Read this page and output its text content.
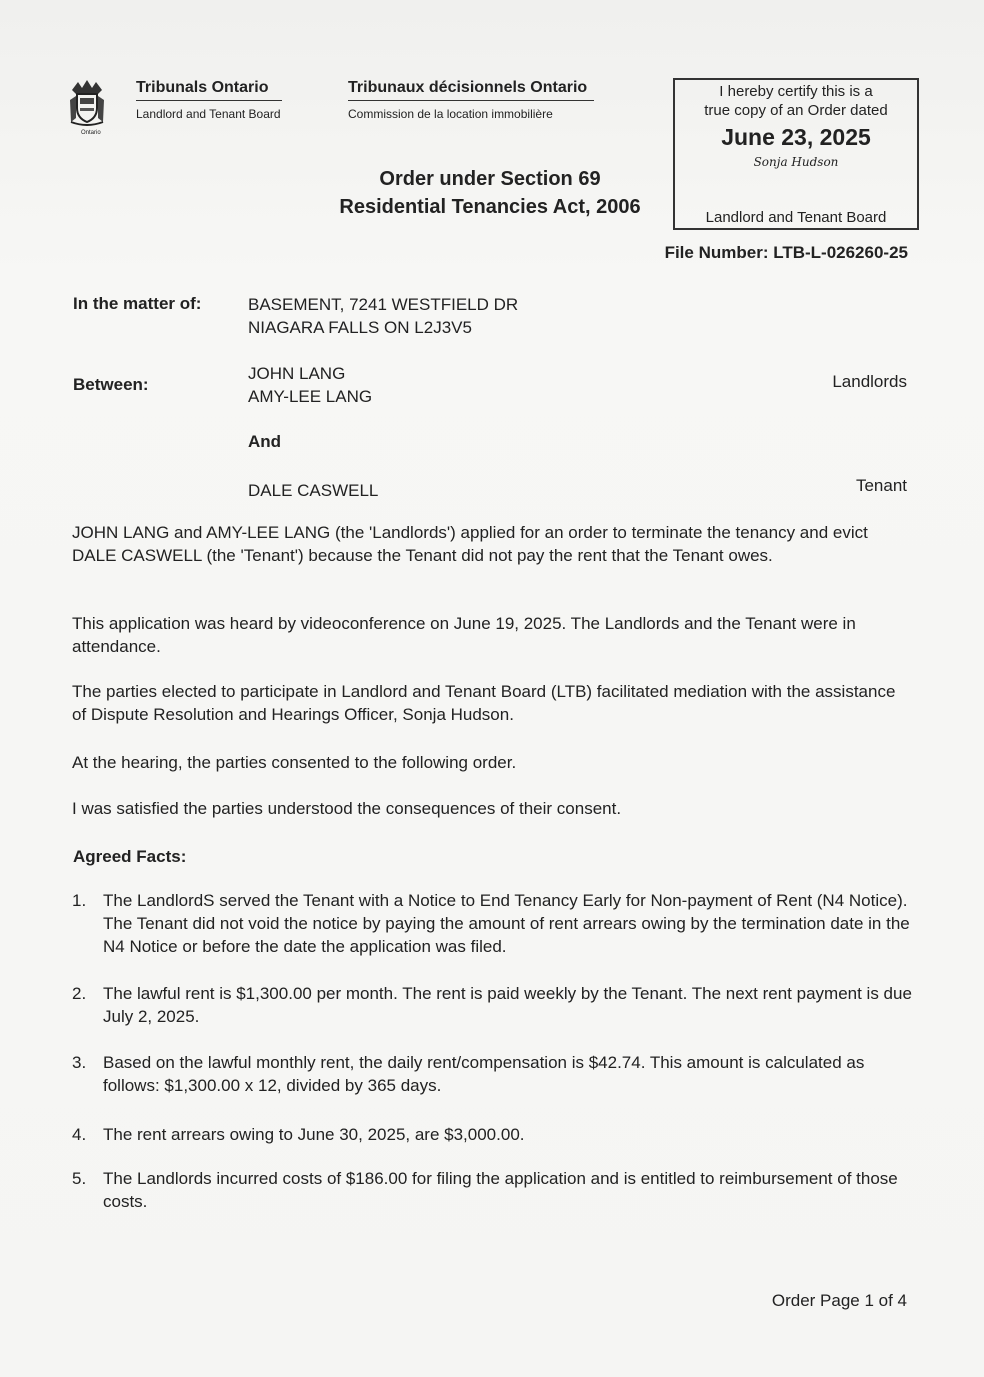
Ontario
Tribunals Ontario
Landlord and Tenant Board
Tribunaux décisionnels Ontario
Commission de la location immobilière
I hereby certify this is a
true copy of an Order dated
June 23, 2025
Sonja Hudson
Landlord and Tenant Board
Order under Section 69
Residential Tenancies Act, 2006
File Number: LTB-L-026260-25
In the matter of:	BASEMENT, 7241 WESTFIELD DR
NIAGARA FALLS ON L2J3V5
Between:
JOHN LANG
AMY-LEE LANG
Landlords
And
DALE CASWELL	Tenant
JOHN LANG and AMY-LEE LANG (the 'Landlords') applied for an order to terminate the tenancy and evict DALE CASWELL (the 'Tenant') because the Tenant did not pay the rent that the Tenant owes.
This application was heard by videoconference on June 19, 2025. The Landlords and the Tenant were in attendance.
The parties elected to participate in Landlord and Tenant Board (LTB) facilitated mediation with the assistance of Dispute Resolution and Hearings Officer, Sonja Hudson.
At the hearing, the parties consented to the following order.
I was satisfied the parties understood the consequences of their consent.
Agreed Facts:
1. The LandlordS served the Tenant with a Notice to End Tenancy Early for Non-payment of Rent (N4 Notice). The Tenant did not void the notice by paying the amount of rent arrears owing by the termination date in the N4 Notice or before the date the application was filed.
2. The lawful rent is $1,300.00 per month. The rent is paid weekly by the Tenant. The next rent payment is due July 2, 2025.
3. Based on the lawful monthly rent, the daily rent/compensation is $42.74. This amount is calculated as follows: $1,300.00 x 12, divided by 365 days.
4. The rent arrears owing to June 30, 2025, are $3,000.00.
5. The Landlords incurred costs of $186.00 for filing the application and is entitled to reimbursement of those costs.
Order Page 1 of 4
